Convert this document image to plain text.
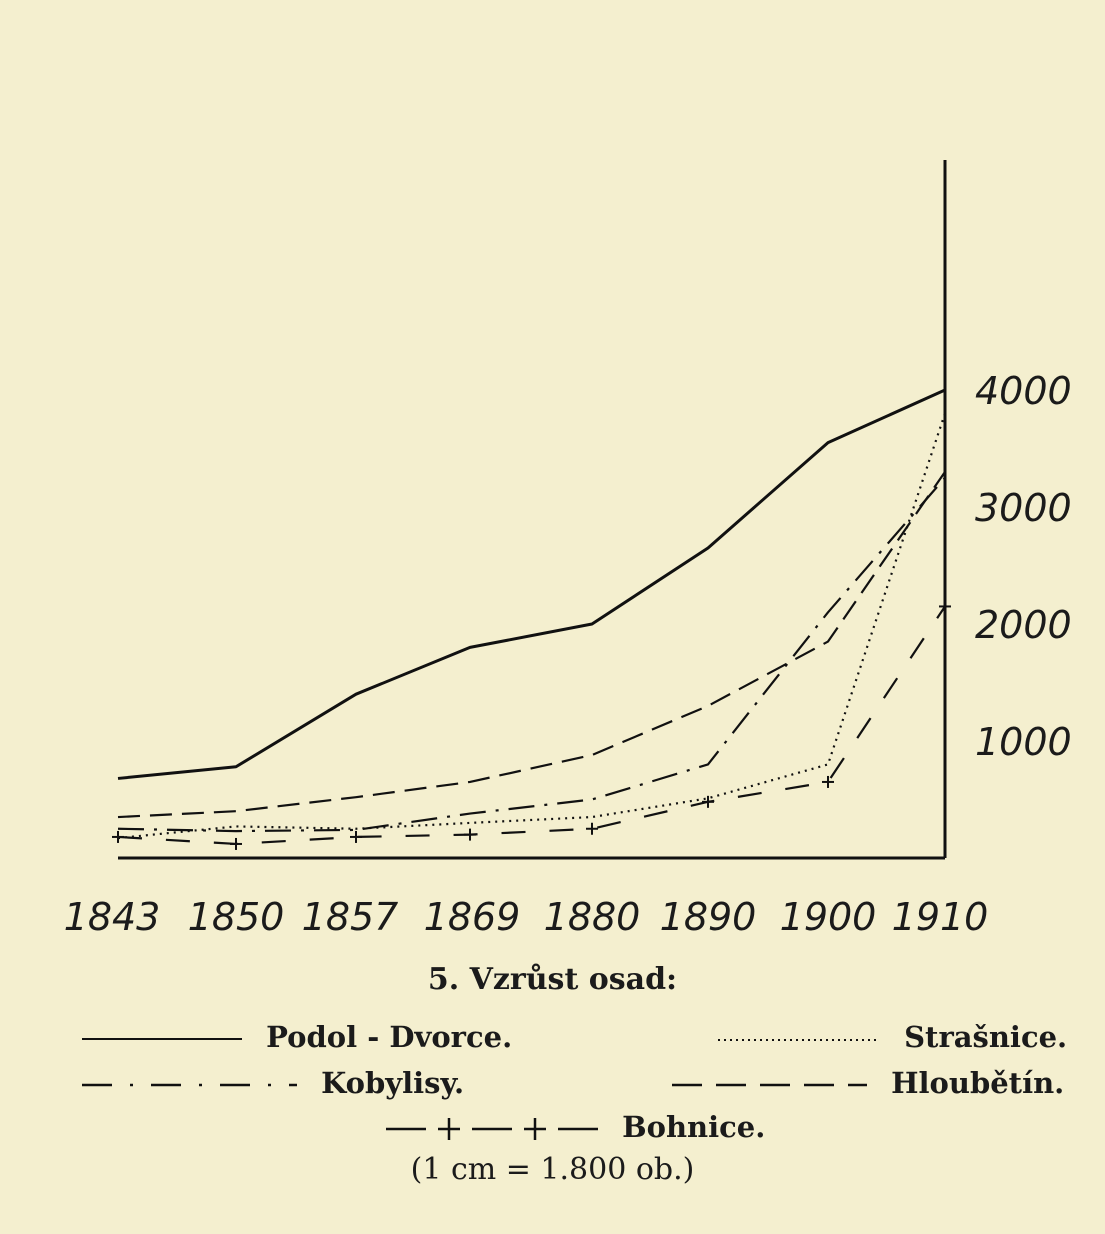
1000
2000
3000
4000
1843 1850 1857 1869 1880 1890 1900 1910
5. Vzrůst osad:
Podol - Dvorce.	Strašnice.
Kobylisy.	Hloubětín.
Bohnice.
(1 cm = 1.800 ob.)
